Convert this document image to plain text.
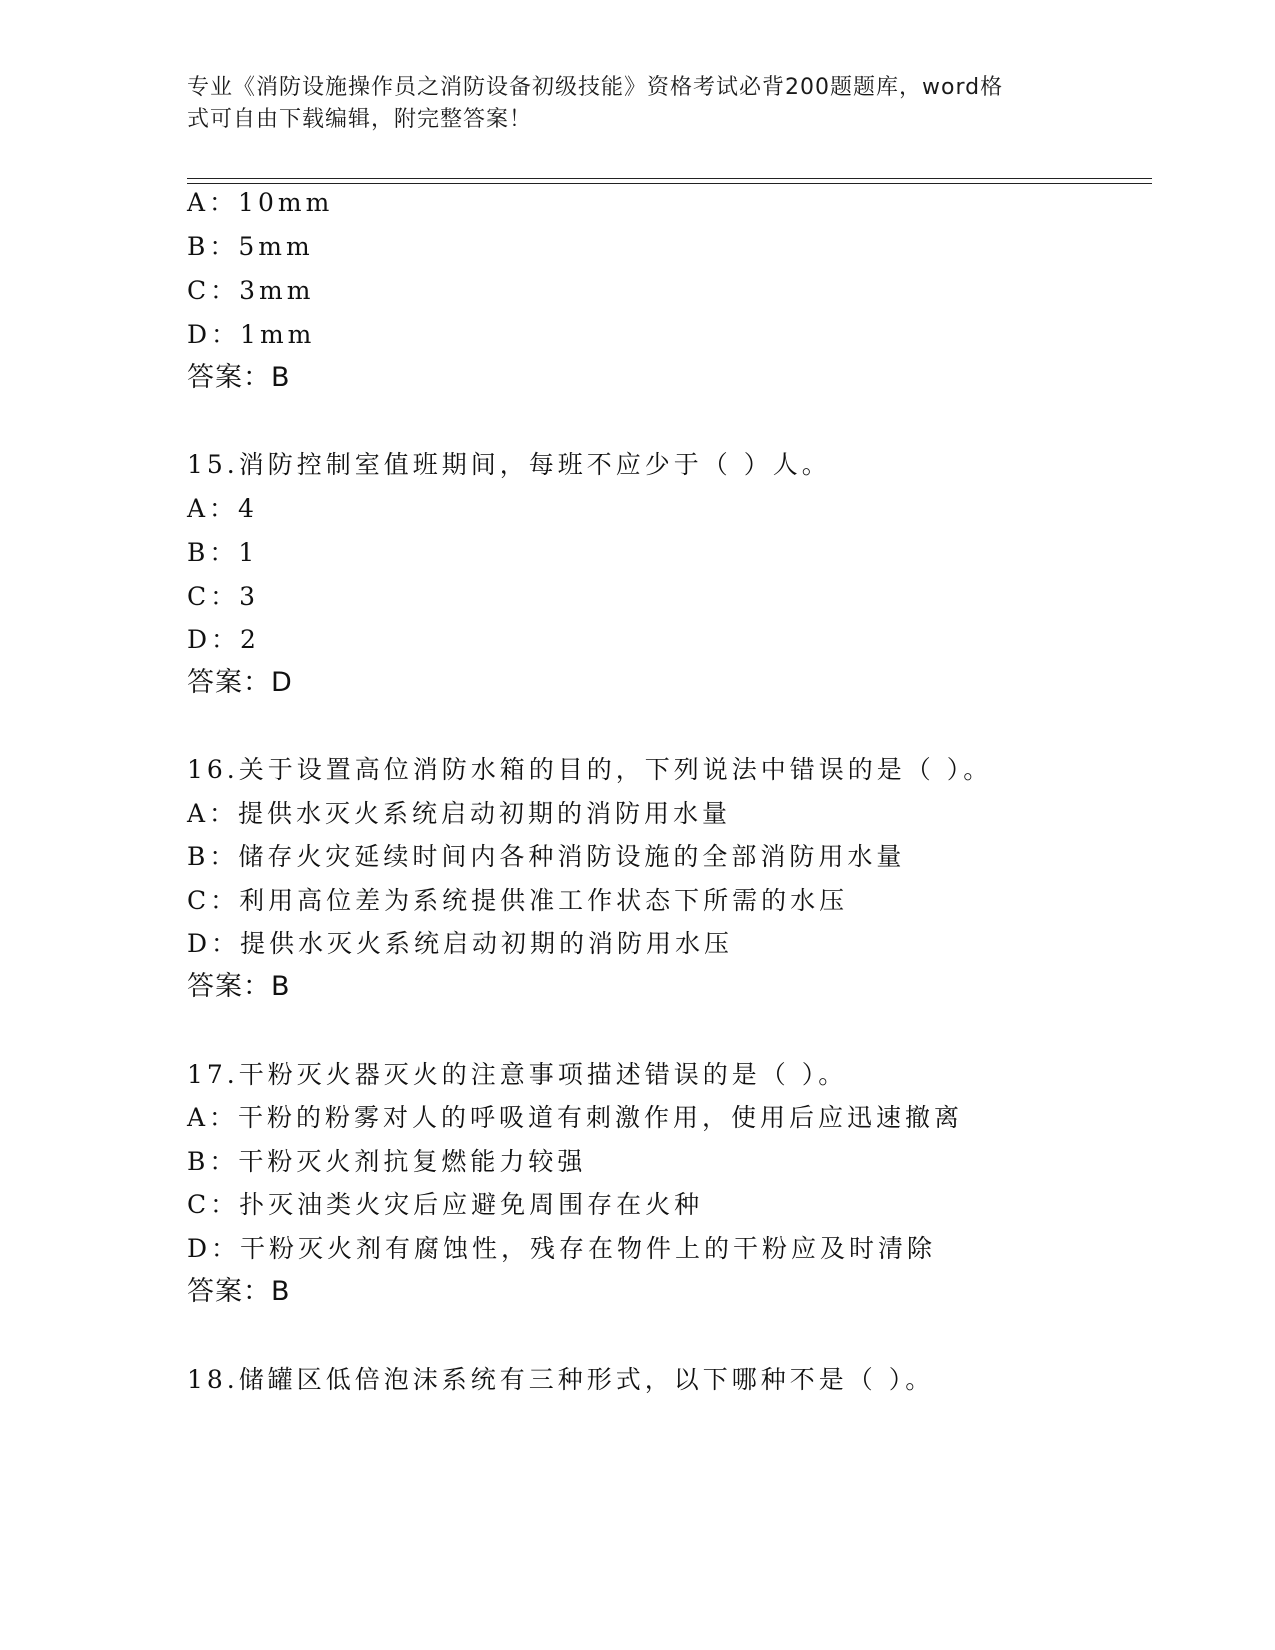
专业《消防设施操作员之消防设备初级技能》资格考试必背200题题库，word格
式可自由下载编辑，附完整答案！
A：10mm
B：5mm
C：3mm
D：1mm
答案：B
15.消防控制室值班期间，每班不应少于（ ）人。
A：4
B：1
C：3
D：2
答案：D
16.关于设置高位消防水箱的目的，下列说法中错误的是（ ）。
A：提供水灭火系统启动初期的消防用水量
B：储存火灾延续时间内各种消防设施的全部消防用水量
C：利用高位差为系统提供准工作状态下所需的水压
D：提供水灭火系统启动初期的消防用水压
答案：B
17.干粉灭火器灭火的注意事项描述错误的是（ ）。
A：干粉的粉雾对人的呼吸道有刺激作用，使用后应迅速撤离
B：干粉灭火剂抗复燃能力较强
C：扑灭油类火灾后应避免周围存在火种
D：干粉灭火剂有腐蚀性，残存在物件上的干粉应及时清除
答案：B
18.储罐区低倍泡沫系统有三种形式，以下哪种不是（ ）。
